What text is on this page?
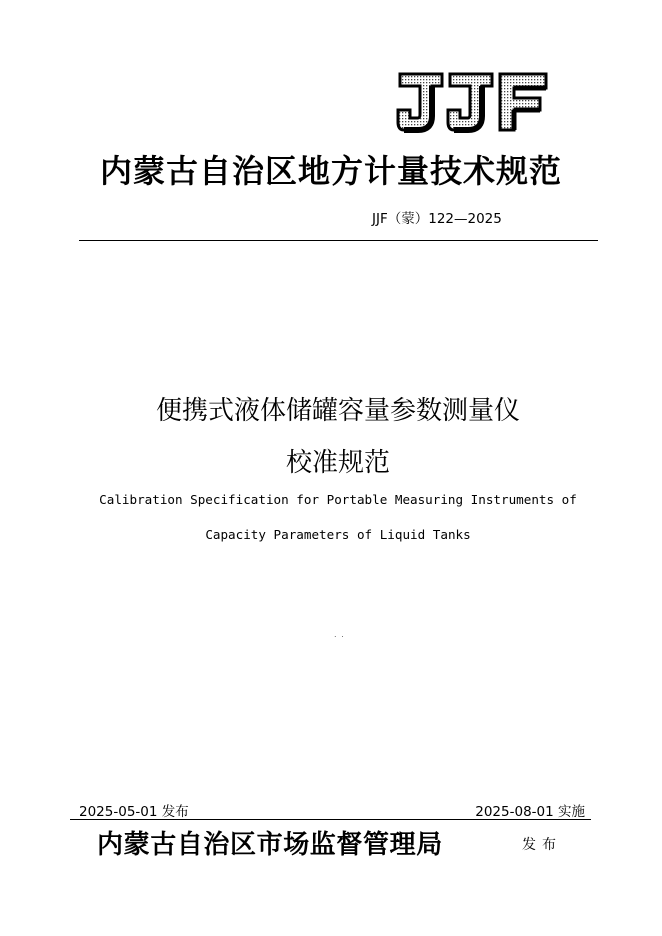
内蒙古自治区地方计量技术规范
JJF（蒙）122—2025
便携式液体储罐容量参数测量仪
校准规范
Calibration Specification for Portable Measuring Instruments of
Capacity Parameters of Liquid Tanks
. .
2025-05-01 发布	2025-08-01 实施
内蒙古自治区市场监督管理局	发布
